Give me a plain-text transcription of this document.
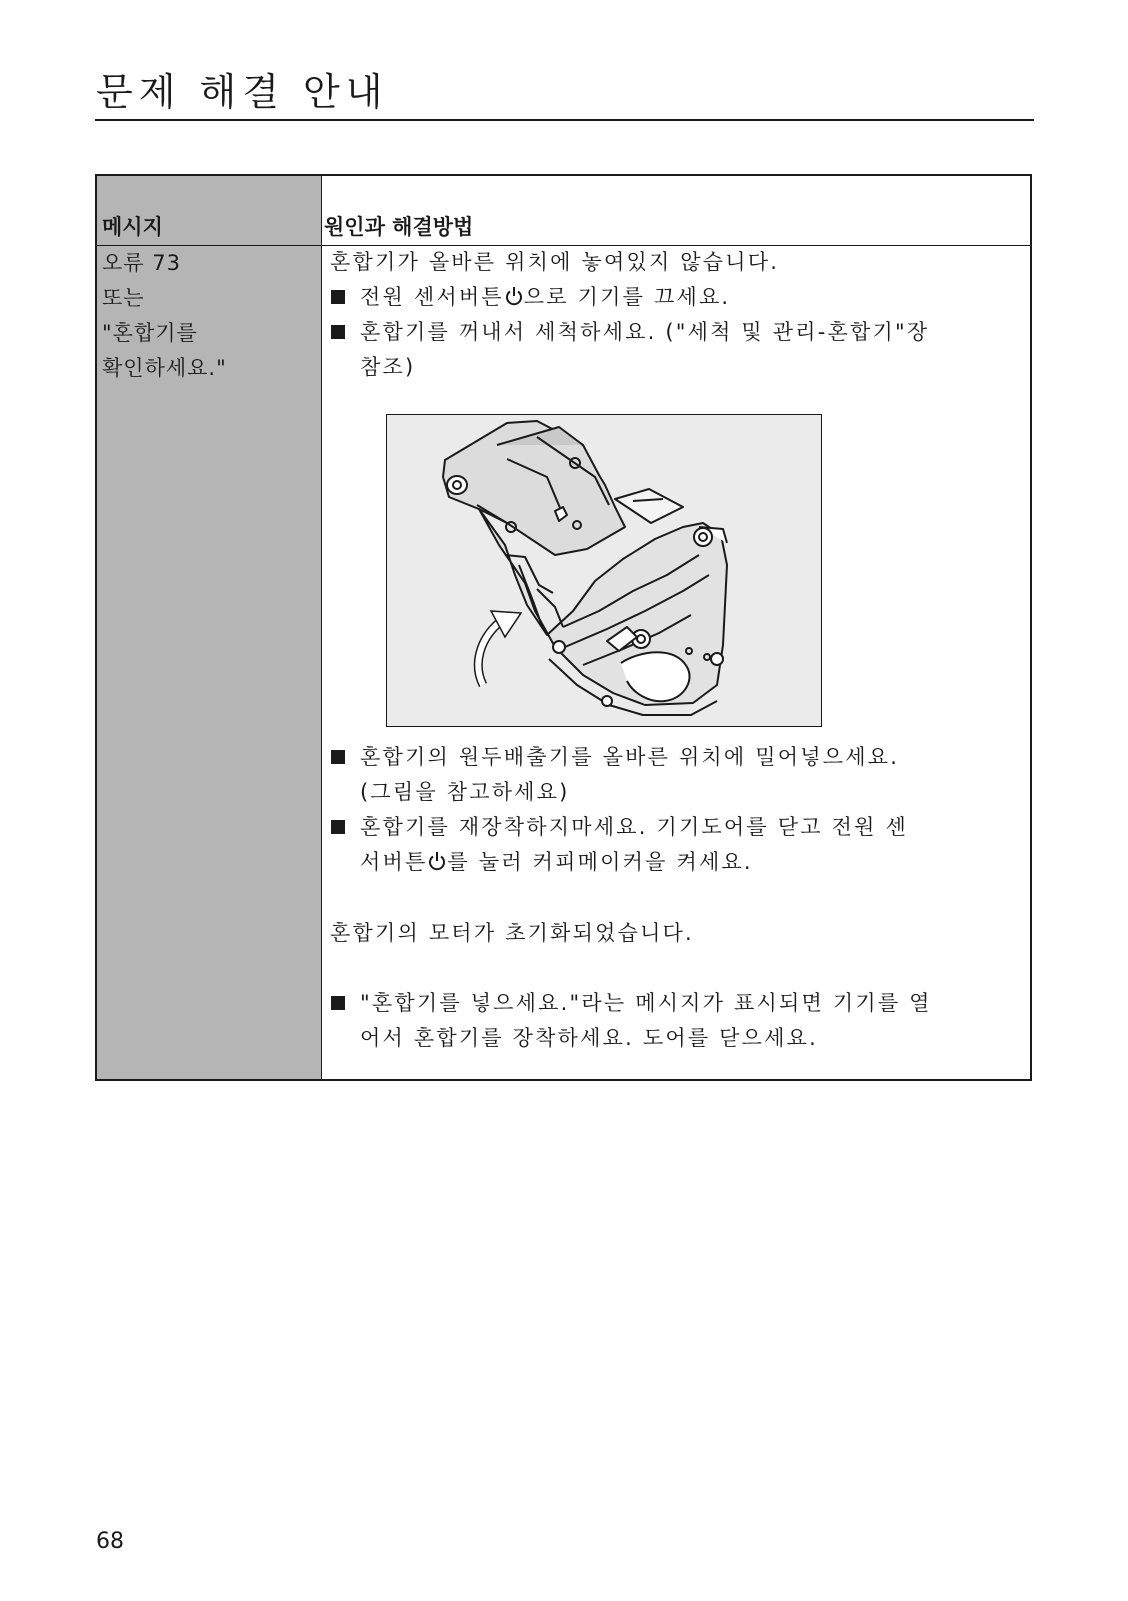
문제 해결 안내
메시지	원인과 해결방법
오류 73
또는
"혼합기를
확인하세요."
혼합기가 올바른 위치에 놓여있지 않습니다.
전원 센서버튼 으로 기기를 끄세요.
혼합기를 꺼내서 세척하세요. ("세척 및 관리-혼합기"장
참조)
혼합기의 원두배출기를 올바른 위치에 밀어넣으세요.
(그림을 참고하세요)
혼합기를 재장착하지마세요. 기기도어를 닫고 전원 센
서버튼 를 눌러 커피메이커을 켜세요.
혼합기의 모터가 초기화되었습니다.
"혼합기를 넣으세요."라는 메시지가 표시되면 기기를 열
어서 혼합기를 장착하세요. 도어를 닫으세요.
68
